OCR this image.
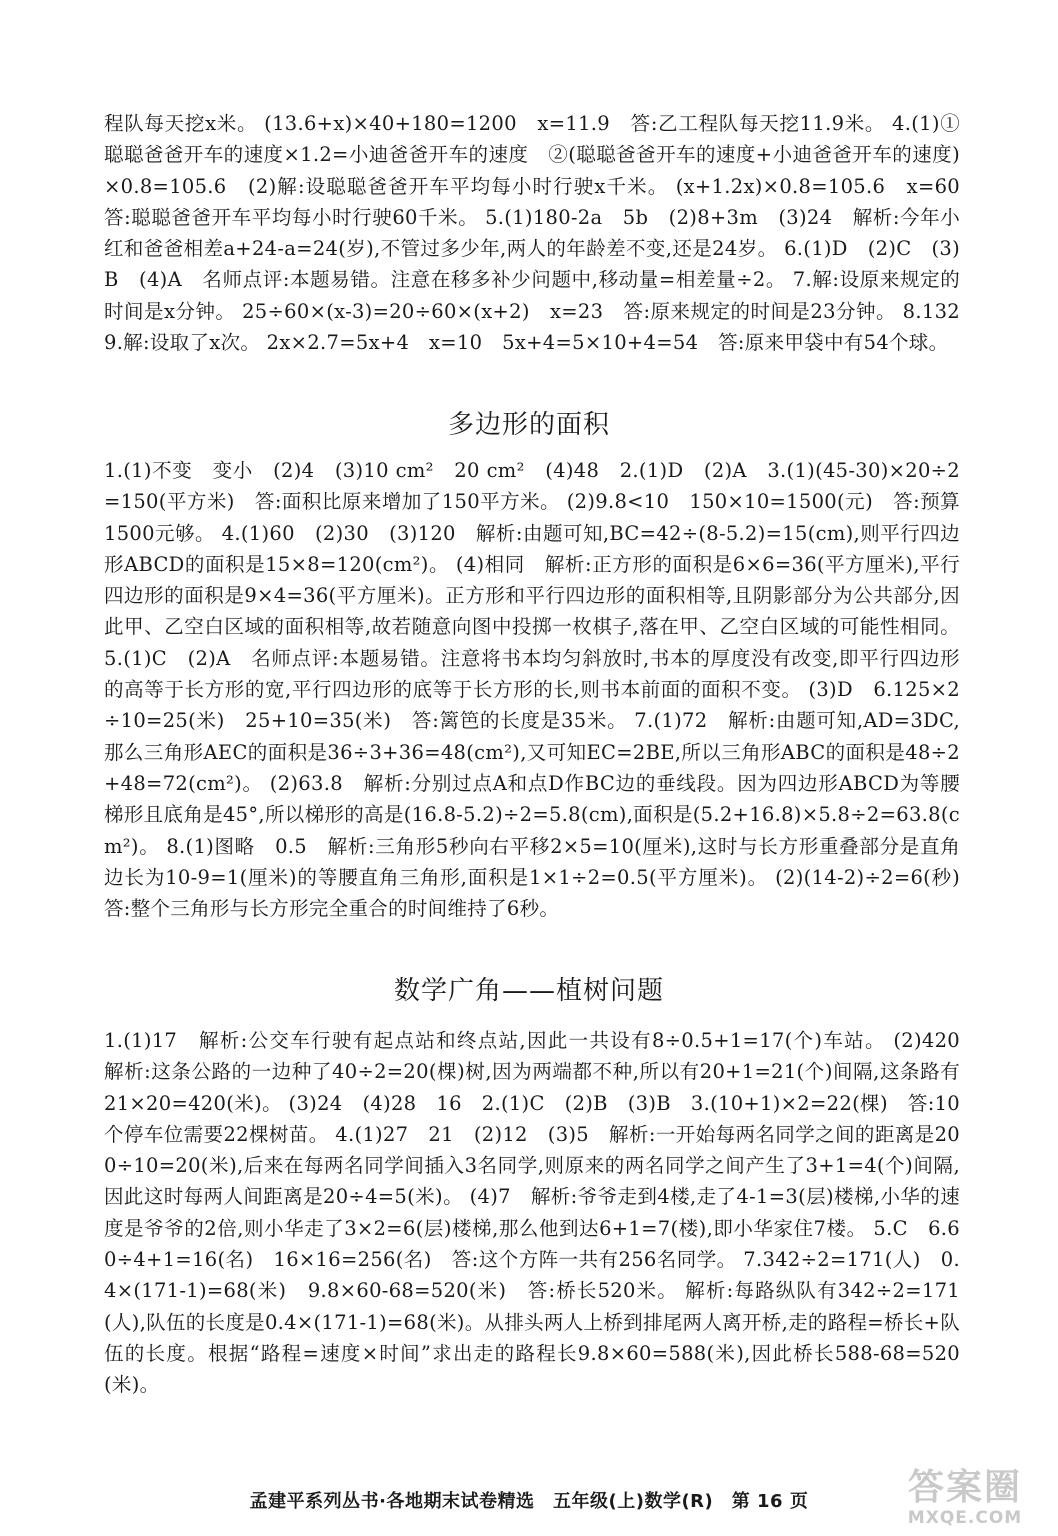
程队每天挖x米。 (13.6+x)×40+180=1200　x=11.9　答:乙工程队每天挖11.9米。 4.(1)①聪聪爸爸开车的速度×1.2=小迪爸爸开车的速度　②(聪聪爸爸开车的速度+小迪爸爸开车的速度)×0.8=105.6　(2)解:设聪聪爸爸开车平均每小时行驶x千米。 (x+1.2x)×0.8=105.6　x=60　答:聪聪爸爸开车平均每小时行驶60千米。 5.(1)180-2a　5b　(2)8+3m　(3)24　解析:今年小红和爸爸相差a+24-a=24(岁),不管过多少年,两人的年龄差不变,还是24岁。 6.(1)D　(2)C　(3)B　(4)A　名师点评:本题易错。注意在移多补少问题中,移动量=相差量÷2。 7.解:设原来规定的时间是x分钟。 25÷60×(x-3)=20÷60×(x+2)　x=23　答:原来规定的时间是23分钟。 8.132　9.解:设取了x次。 2x×2.7=5x+4　x=10　5x+4=5×10+4=54　答:原来甲袋中有54个球。
多边形的面积
1.(1)不变　变小　(2)4　(3)10 cm²　20 cm²　(4)48　2.(1)D　(2)A　3.(1)(45-30)×20÷2=150(平方米)　答:面积比原来增加了150平方米。 (2)9.8<10　150×10=1500(元)　答:预算1500元够。 4.(1)60　(2)30　(3)120　解析:由题可知,BC=42÷(8-5.2)=15(cm),则平行四边形ABCD的面积是15×8=120(cm²)。 (4)相同　解析:正方形的面积是6×6=36(平方厘米),平行四边形的面积是9×4=36(平方厘米)。正方形和平行四边形的面积相等,且阴影部分为公共部分,因此甲、乙空白区域的面积相等,故若随意向图中投掷一枚棋子,落在甲、乙空白区域的可能性相同。 5.(1)C　(2)A　名师点评:本题易错。注意将书本均匀斜放时,书本的厚度没有改变,即平行四边形的高等于长方形的宽,平行四边形的底等于长方形的长,则书本前面的面积不变。 (3)D　6.125×2÷10=25(米)　25+10=35(米)　答:篱笆的长度是35米。 7.(1)72　解析:由题可知,AD=3DC,那么三角形AEC的面积是36÷3+36=48(cm²),又可知EC=2BE,所以三角形ABC的面积是48÷2+48=72(cm²)。 (2)63.8　解析:分别过点A和点D作BC边的垂线段。因为四边形ABCD为等腰梯形且底角是45°,所以梯形的高是(16.8-5.2)÷2=5.8(cm),面积是(5.2+16.8)×5.8÷2=63.8(cm²)。 8.(1)图略　0.5　解析:三角形5秒向右平移2×5=10(厘米),这时与长方形重叠部分是直角边长为10-9=1(厘米)的等腰直角三角形,面积是1×1÷2=0.5(平方厘米)。 (2)(14-2)÷2=6(秒)　答:整个三角形与长方形完全重合的时间维持了6秒。
数学广角——植树问题
1.(1)17　解析:公交车行驶有起点站和终点站,因此一共设有8÷0.5+1=17(个)车站。 (2)420　解析:这条公路的一边种了40÷2=20(棵)树,因为两端都不种,所以有20+1=21(个)间隔,这条路有21×20=420(米)。 (3)24　(4)28　16　2.(1)C　(2)B　(3)B　3.(10+1)×2=22(棵)　答:10个停车位需要22棵树苗。 4.(1)27　21　(2)12　(3)5　解析:一开始每两名同学之间的距离是200÷10=20(米),后来在每两名同学间插入3名同学,则原来的两名同学之间产生了3+1=4(个)间隔,因此这时每两人间距离是20÷4=5(米)。 (4)7　解析:爷爷走到4楼,走了4-1=3(层)楼梯,小华的速度是爷爷的2倍,则小华走了3×2=6(层)楼梯,那么他到达6+1=7(楼),即小华家住7楼。 5.C　6.60÷4+1=16(名)　16×16=256(名)　答:这个方阵一共有256名同学。 7.342÷2=171(人)　0.4×(171-1)=68(米)　9.8×60-68=520(米)　答:桥长520米。 解析:每路纵队有342÷2=171(人),队伍的长度是0.4×(171-1)=68(米)。从排头两人上桥到排尾两人离开桥,走的路程=桥长+队伍的长度。根据“路程=速度×时间”求出走的路程长9.8×60=588(米),因此桥长588-68=520(米)。
孟建平系列丛书·各地期末试卷精选　五年级(上)数学(R)　第 16 页	答案圈
MXQE.COM
